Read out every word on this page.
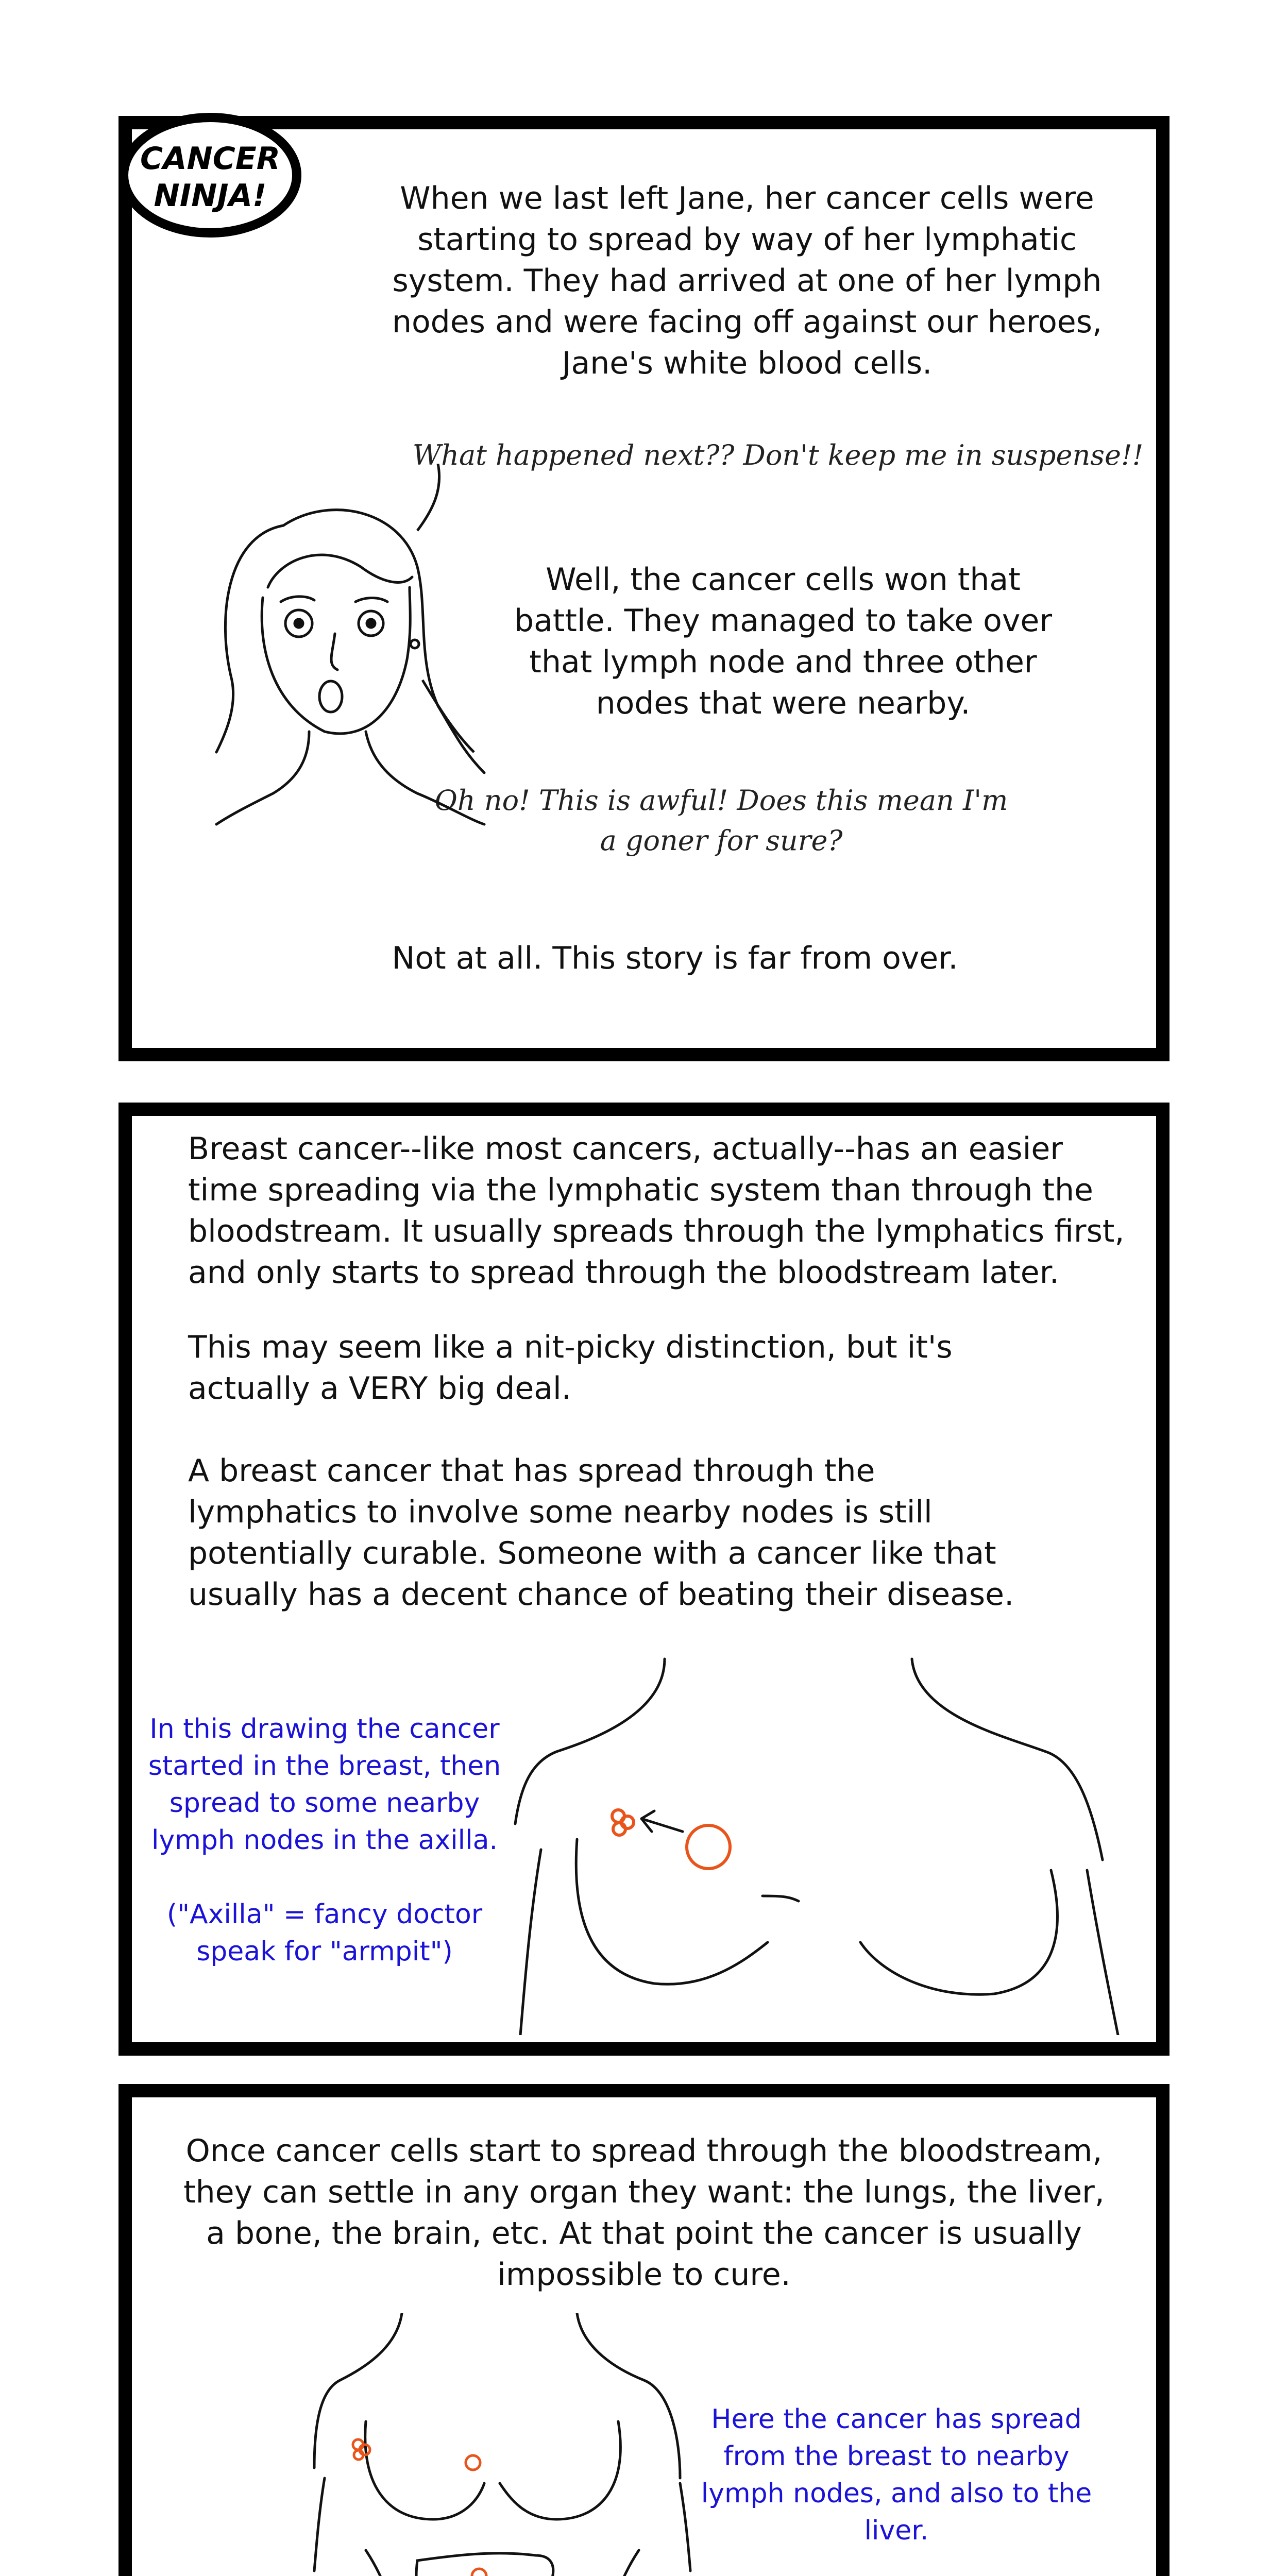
CANCER
NINJA!	When we last left Jane, her cancer cells were starting to spread by way of her lymphatic system. They had arrived at one of her lymph nodes and were facing off against our heroes, Jane's white blood cells.

What happened next?? Don't keep me in suspense!!

Well, the cancer cells won that battle. They managed to take over that lymph node and three other nodes that were nearby.

Oh no! This is awful! Does this mean I'm a goner for sure?

Not at all. This story is far from over.

Breast cancer--like most cancers, actually--has an easier time spreading via the lymphatic system than through the bloodstream. It usually spreads through the lymphatics first, and only starts to spread through the bloodstream later.

This may seem like a nit-picky distinction, but it's actually a VERY big deal.

A breast cancer that has spread through the lymphatics to involve some nearby nodes is still potentially curable. Someone with a cancer like that usually has a decent chance of beating their disease.

In this drawing the cancer started in the breast, then spread to some nearby lymph nodes in the axilla.

("Axilla" = fancy doctor speak for "armpit")

Once cancer cells start to spread through the bloodstream, they can settle in any organ they want: the lungs, the liver, a bone, the brain, etc. At that point the cancer is usually impossible to cure.

Here the cancer has spread from the breast to nearby lymph nodes, and also to the liver.
